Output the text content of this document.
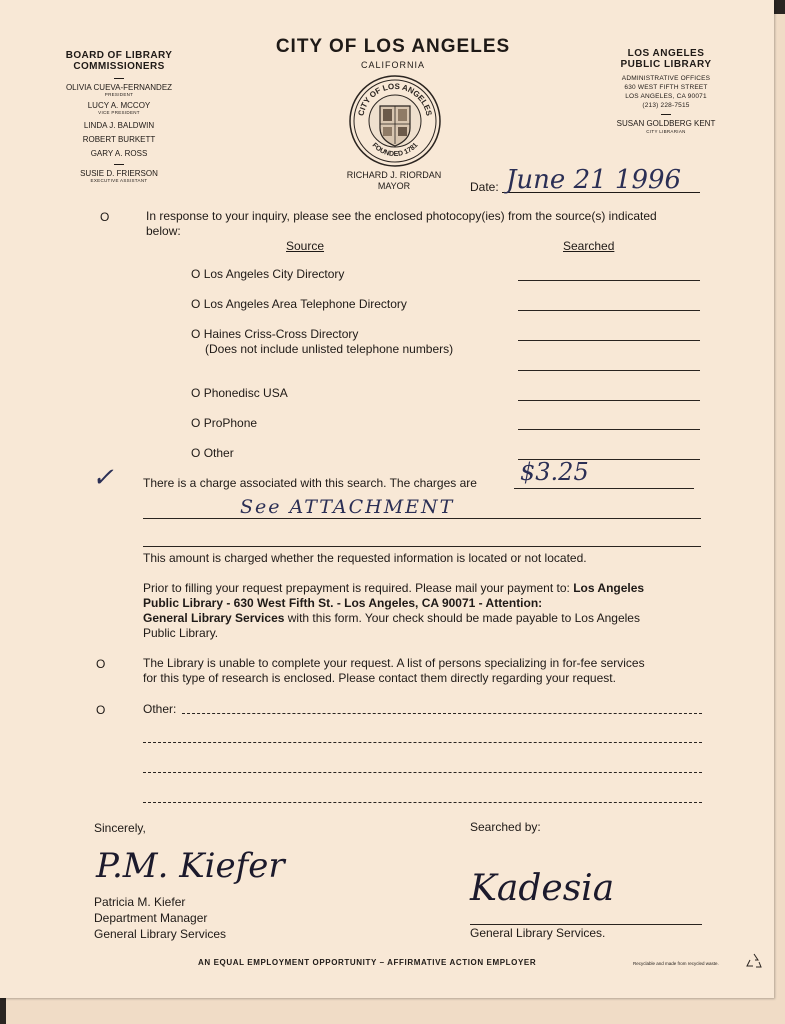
BOARD OF LIBRARY
COMMISSIONERS
OLIVIA CUEVA-FERNANDEZ
PRESIDENT
LUCY A. MCCOY
VICE PRESIDENT
LINDA J. BALDWIN
ROBERT BURKETT
GARY A. ROSS
SUSIE D. FRIERSON
EXECUTIVE ASSISTANT
CITY OF LOS ANGELES
CALIFORNIA
CITY OF LOS ANGELES
FOUNDED 1781
RICHARD J. RIORDAN
MAYOR
LOS ANGELES
PUBLIC LIBRARY
ADMINISTRATIVE OFFICES
630 WEST FIFTH STREET
LOS ANGELES, CA 90071
(213) 228-7515
SUSAN GOLDBERG KENT
CITY LIBRARIAN
Date: June 21 1996
O	In response to your inquiry, please see the enclosed photocopy(ies) from the source(s) indicated
below:
Source	Searched
O Los Angeles City Directory
O Los Angeles Area Telephone Directory
O Haines Criss-Cross Directory
(Does not include unlisted telephone numbers)
O Phonedisc USA
O ProPhone
O Other
✓ There is a charge associated with this search. The charges are $3.25
See ATTACHMENT
This amount is charged whether the requested information is located or not located.
Prior to filling your request prepayment is required. Please mail your payment to: Los Angeles
Public Library - 630 West Fifth St. - Los Angeles, CA 90071 - Attention:
General Library Services with this form. Your check should be made payable to Los Angeles
Public Library.
O	The Library is unable to complete your request. A list of persons specializing in for-fee services
for this type of research is enclosed. Please contact them directly regarding your request.
O	Other:
Sincerely,
P.M. Kiefer
Patricia M. Kiefer
Department Manager
General Library Services
Searched by:
Kadesia
General Library Services.
AN EQUAL EMPLOYMENT OPPORTUNITY – AFFIRMATIVE ACTION EMPLOYER	Recyclable and made from recycled waste.
